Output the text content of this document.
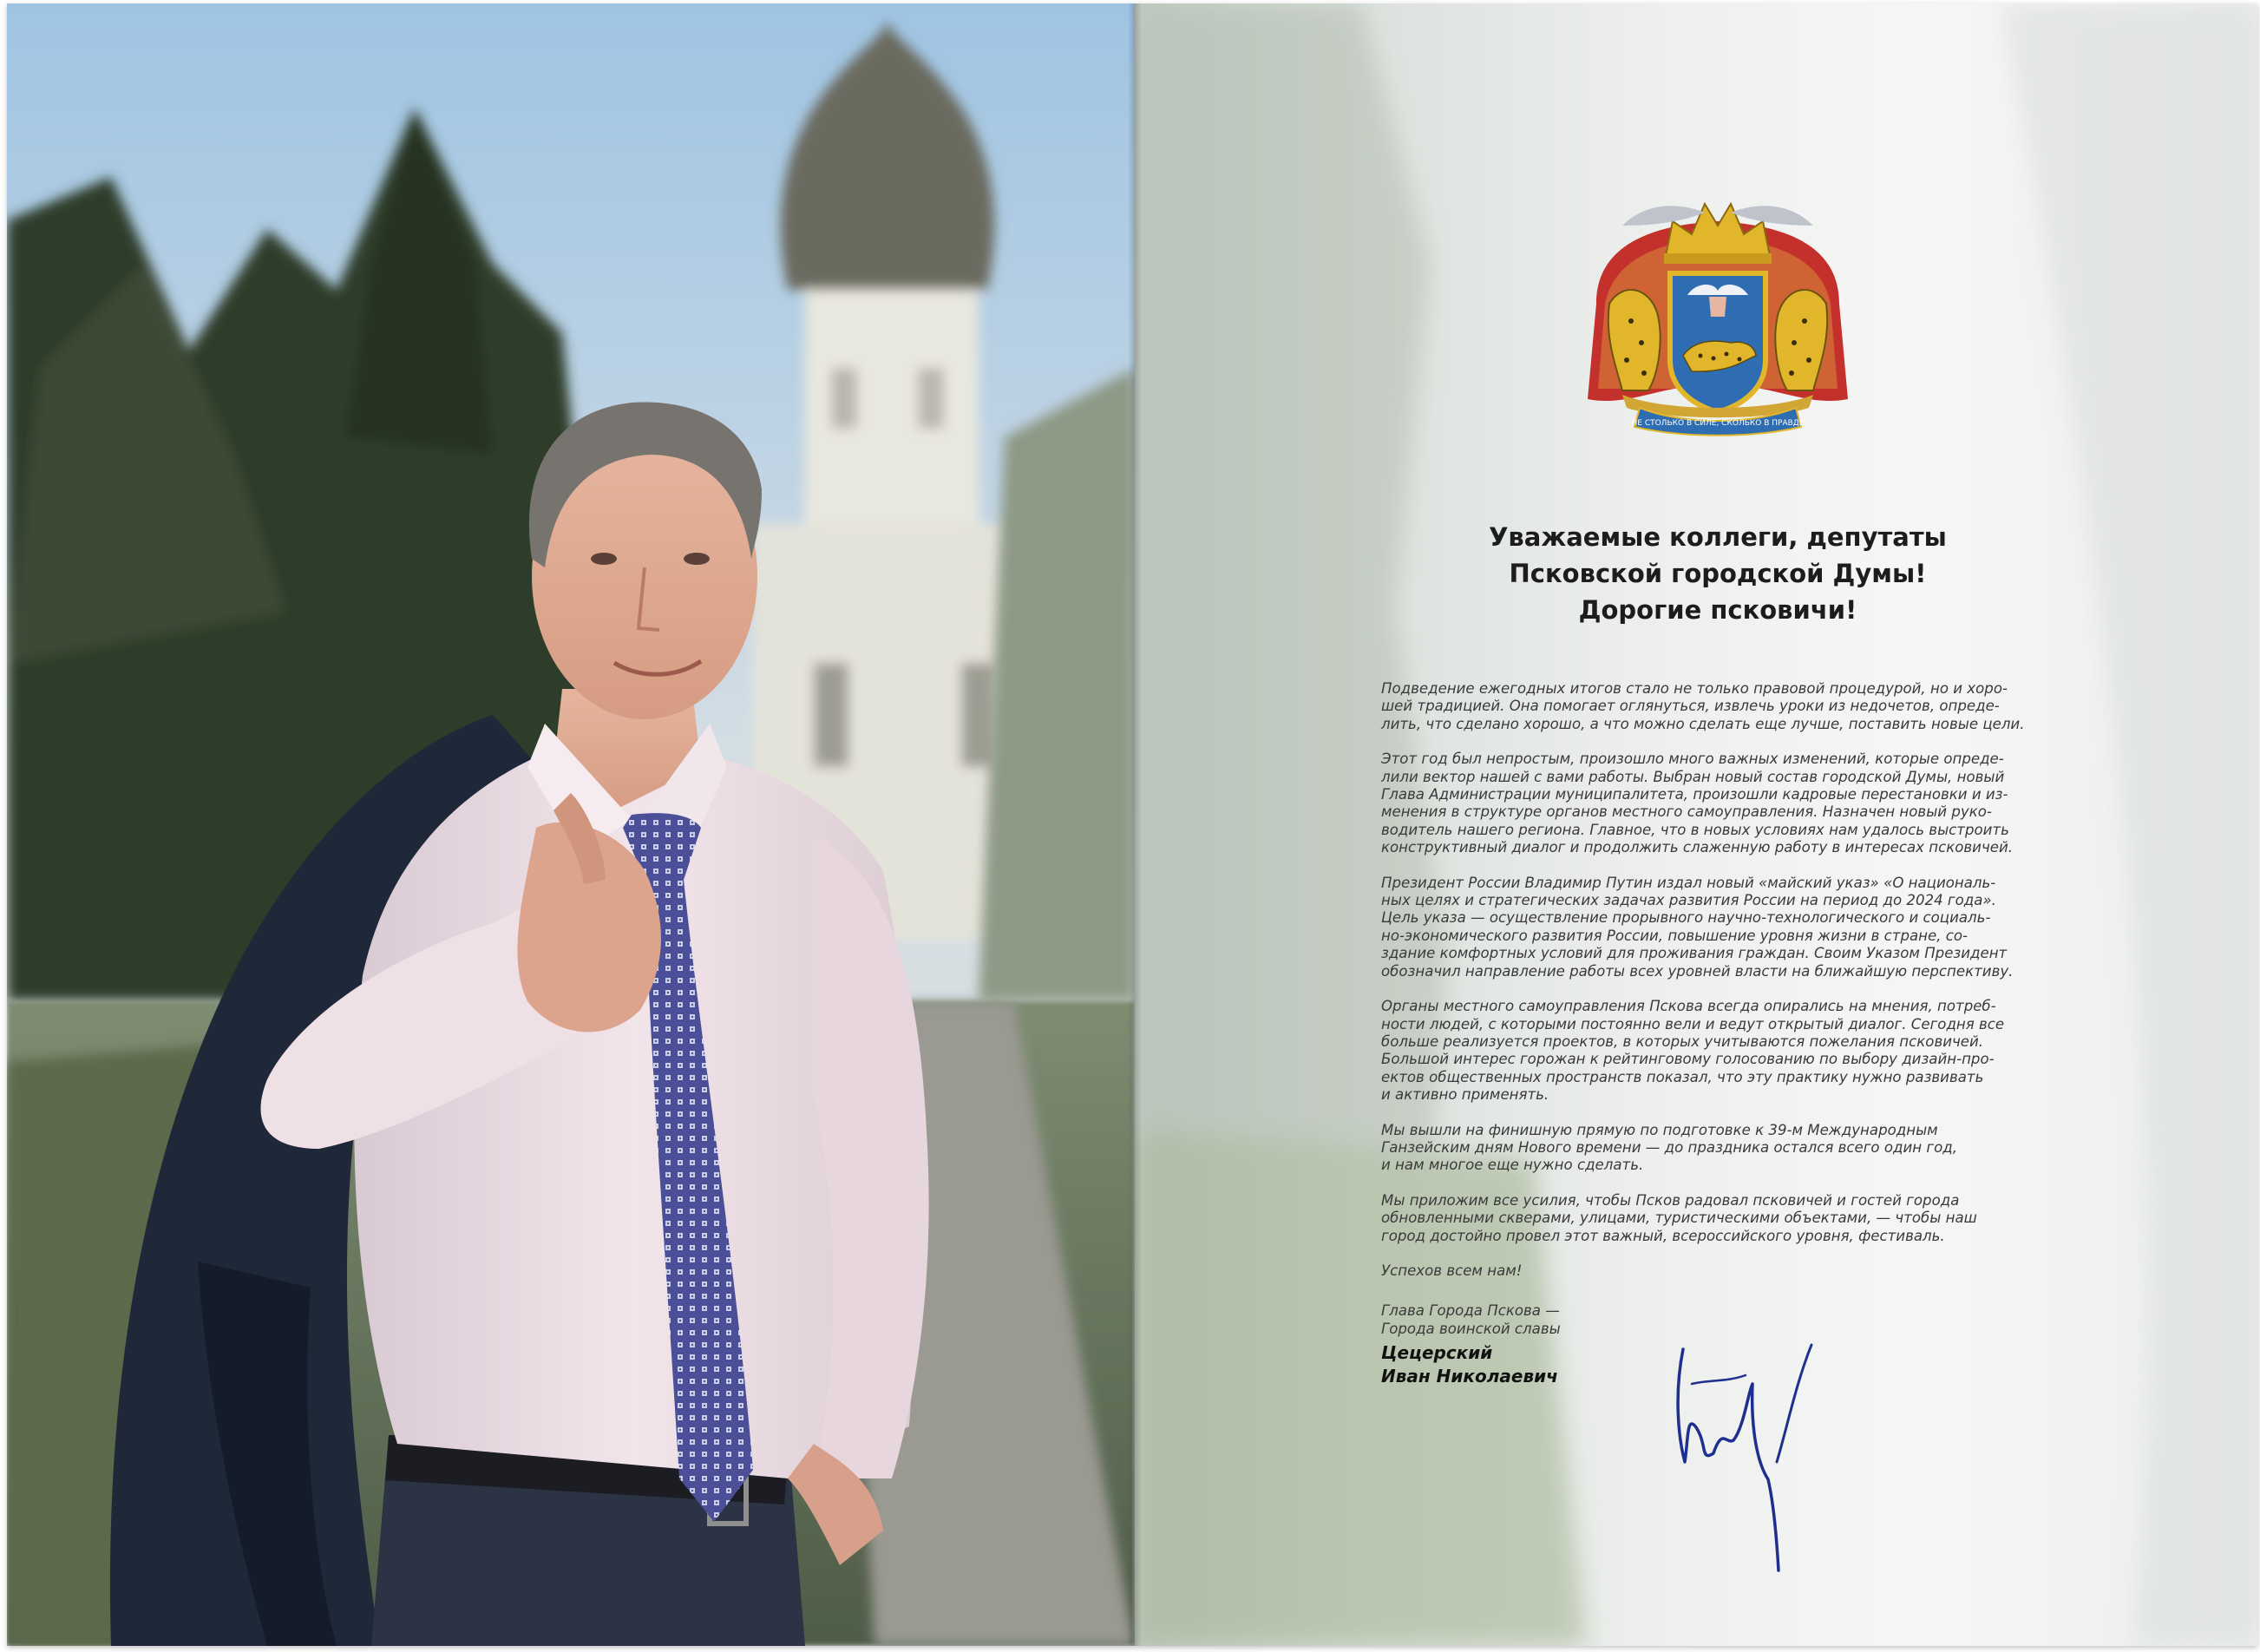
НЕ СТОЛЬКО В СИЛЕ, СКОЛЬКО В ПРАВДЕ
Уважаемые коллеги, депутаты
Псковской городской Думы!
Дорогие псковичи!
Подведение ежегодных итогов стало не только правовой процедурой, но и хоро-
шей традицией. Она помогает оглянуться, извлечь уроки из недочетов, опреде-
лить, что сделано хорошо, а что можно сделать еще лучше, поставить новые цели.
Этот год был непростым, произошло много важных изменений, которые опреде-
лили вектор нашей с вами работы. Выбран новый состав городской Думы, новый
Глава Администрации муниципалитета, произошли кадровые перестановки и из-
менения в структуре органов местного самоуправления. Назначен новый руко-
водитель нашего региона. Главное, что в новых условиях нам удалось выстроить
конструктивный диалог и продолжить слаженную работу в интересах псковичей.
Президент России Владимир Путин издал новый «майский указ» «О националь-
ных целях и стратегических задачах развития России на период до 2024 года».
Цель указа — осуществление прорывного научно-технологического и социаль-
но-экономического развития России, повышение уровня жизни в стране, со-
здание комфортных условий для проживания граждан. Своим Указом Президент
обозначил направление работы всех уровней власти на ближайшую перспективу.
Органы местного самоуправления Пскова всегда опирались на мнения, потреб-
ности людей, с которыми постоянно вели и ведут открытый диалог. Сегодня все
больше реализуется проектов, в которых учитываются пожелания псковичей.
Большой интерес горожан к рейтинговому голосованию по выбору дизайн-про-
ектов общественных пространств показал, что эту практику нужно развивать
и активно применять.
Мы вышли на финишную прямую по подготовке к 39-м Международным
Ганзейским дням Нового времени — до праздника остался всего один год,
и нам многое еще нужно сделать.
Мы приложим все усилия, чтобы Псков радовал псковичей и гостей города
обновленными скверами, улицами, туристическими объектами, — чтобы наш
город достойно провел этот важный, всероссийского уровня, фестиваль.
Успехов всем нам!
Глава Города Пскова —
Города воинской славы
Цецерский
Иван Николаевич
